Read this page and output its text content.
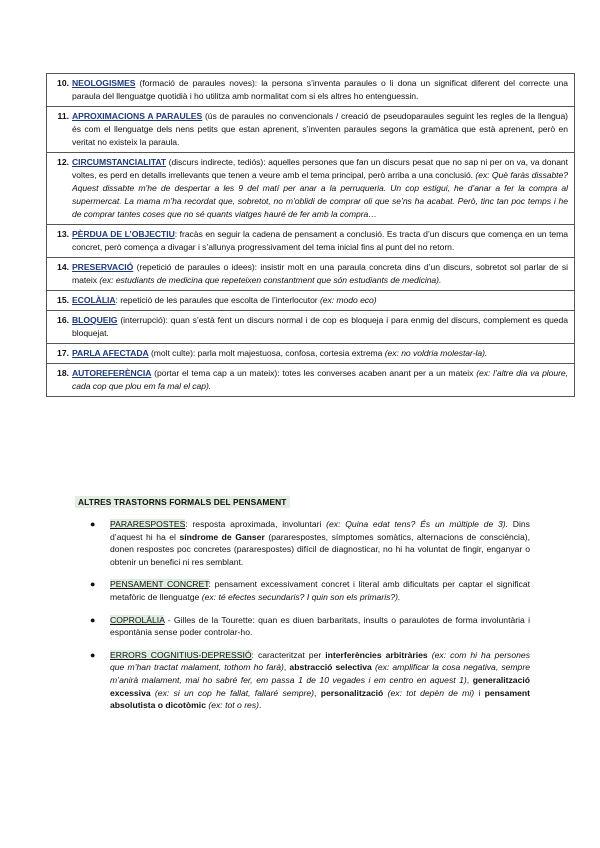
10. NEOLOGISMES (formació de paraules noves): la persona s’inventa paraules o li dona un significat diferent del correcte una paraula del llenguatge quotidià i ho utilitza amb normalitat com si els altres ho entenguessin.

11. APROXIMACIONS A PARAULES (ús de paraules no convencionals / creació de pseudoparaules seguint les regles de la llengua) és com el llenguatge dels nens petits que estan aprenent, s’inventen paraules segons la gramàtica que està aprenent, però en veritat no existeix la paraula.

12. CIRCUMSTANCIALITAT (discurs indirecte, tediós): aquelles persones que fan un discurs pesat que no sap ni per on va, va donant voltes, es perd en detalls irrellevants que tenen a veure amb el tema principal, però arriba a una conclusió. (ex: Què faràs dissabte? Aquest dissabte m’he de despertar a les 9 del matí per anar a la perruqueria. Un cop estigui, he d’anar a fer la compra al supermercat. La mama m’ha recordat que, sobretot, no m’oblidi de comprar oli que se’ns ha acabat. Però, tinc tan poc temps i he de comprar tantes coses que no sé quants viatges hauré de fer amb la compra…

13. PÈRDUA DE L’OBJECTIU: fracàs en seguir la cadena de pensament a conclusió. Es tracta d’un discurs que comença en un tema concret, però comença a divagar i s’allunya progressivament del tema inicial fins al punt del no retorn.

14. PRESERVACIÓ (repetició de paraules o idees): insistir molt en una paraula concreta dins d’un discurs, sobretot sol parlar de si mateix (ex: estudiants de medicina que repeteixen constantment que són estudiants de medicina).

15. ECOLÀLIA: repetició de les paraules que escolta de l’interlocutor (ex: modo eco)

16. BLOQUEIG (interrupció): quan s’està fent un discurs normal i de cop es bloqueja i para enmig del discurs, complement es queda bloquejat.

17. PARLA AFECTADA (molt culte): parla molt majestuosa, confosa, cortesia extrema (ex: no voldria molestar-la).

18. AUTOREFERÈNCIA (portar el tema cap a un mateix): totes les converses acaben anant per a un mateix (ex: l’altre dia va ploure, cada cop que plou em fa mal el cap).
ALTRES TRASTORNS FORMALS DEL PENSAMENT
● PARARESPOSTES: resposta aproximada, involuntari (ex: Quina edat tens? És un múltiple de 3). Dins d’aquest hi ha el síndrome de Ganser (pararespostes, símptomes somàtics, alternacions de consciència), donen respostes poc concretes (pararespostes) difícil de diagnosticar, no hi ha voluntat de fingir, enganyar o obtenir un benefici ni res semblant.
● PENSAMENT CONCRET: pensament excessivament concret i literal amb dificultats per captar el significat metafòric de llenguatge (ex: té efectes secundaris? I quin son els primaris?).
● COPROLÀLIA - Gilles de la Tourette: quan es diuen barbaritats, insults o paraulotes de forma involuntària i espontània sense poder controlar-ho.
● ERRORS COGNITIUS-DEPRESSIÓ: caracteritzat per interferències arbitràries (ex: com hi ha persones que m’han tractat malament, tothom ho farà), abstracció selectiva (ex: amplificar la cosa negativa, sempre m’anirà malament, mai ho sabré fer, em passa 1 de 10 vegades i em centro en aquest 1), generalització excessiva (ex: si un cop he fallat, fallaré sempre), personalització (ex: tot depèn de mi) i pensament absolutista o dicotòmic (ex: tot o res).
